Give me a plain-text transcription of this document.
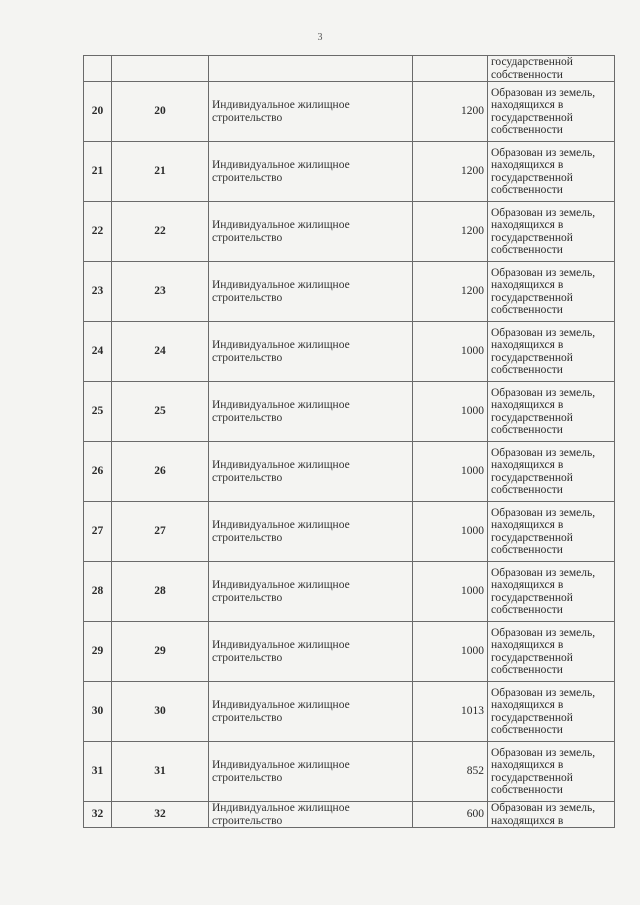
3
				государственной собственности
20	20	Индивидуальное жилищное строительство	1200	Образован из земель, находящихся в государственной собственности
21	21	Индивидуальное жилищное строительство	1200	Образован из земель, находящихся в государственной собственности
22	22	Индивидуальное жилищное строительство	1200	Образован из земель, находящихся в государственной собственности
23	23	Индивидуальное жилищное строительство	1200	Образован из земель, находящихся в государственной собственности
24	24	Индивидуальное жилищное строительство	1000	Образован из земель, находящихся в государственной собственности
25	25	Индивидуальное жилищное строительство	1000	Образован из земель, находящихся в государственной собственности
26	26	Индивидуальное жилищное строительство	1000	Образован из земель, находящихся в государственной собственности
27	27	Индивидуальное жилищное строительство	1000	Образован из земель, находящихся в государственной собственности
28	28	Индивидуальное жилищное строительство	1000	Образован из земель, находящихся в государственной собственности
29	29	Индивидуальное жилищное строительство	1000	Образован из земель, находящихся в государственной собственности
30	30	Индивидуальное жилищное строительство	1013	Образован из земель, находящихся в государственной собственности
31	31	Индивидуальное жилищное строительство	852	Образован из земель, находящихся в государственной собственности
32	32	Индивидуальное жилищное строительство	600	Образован из земель, находящихся в
